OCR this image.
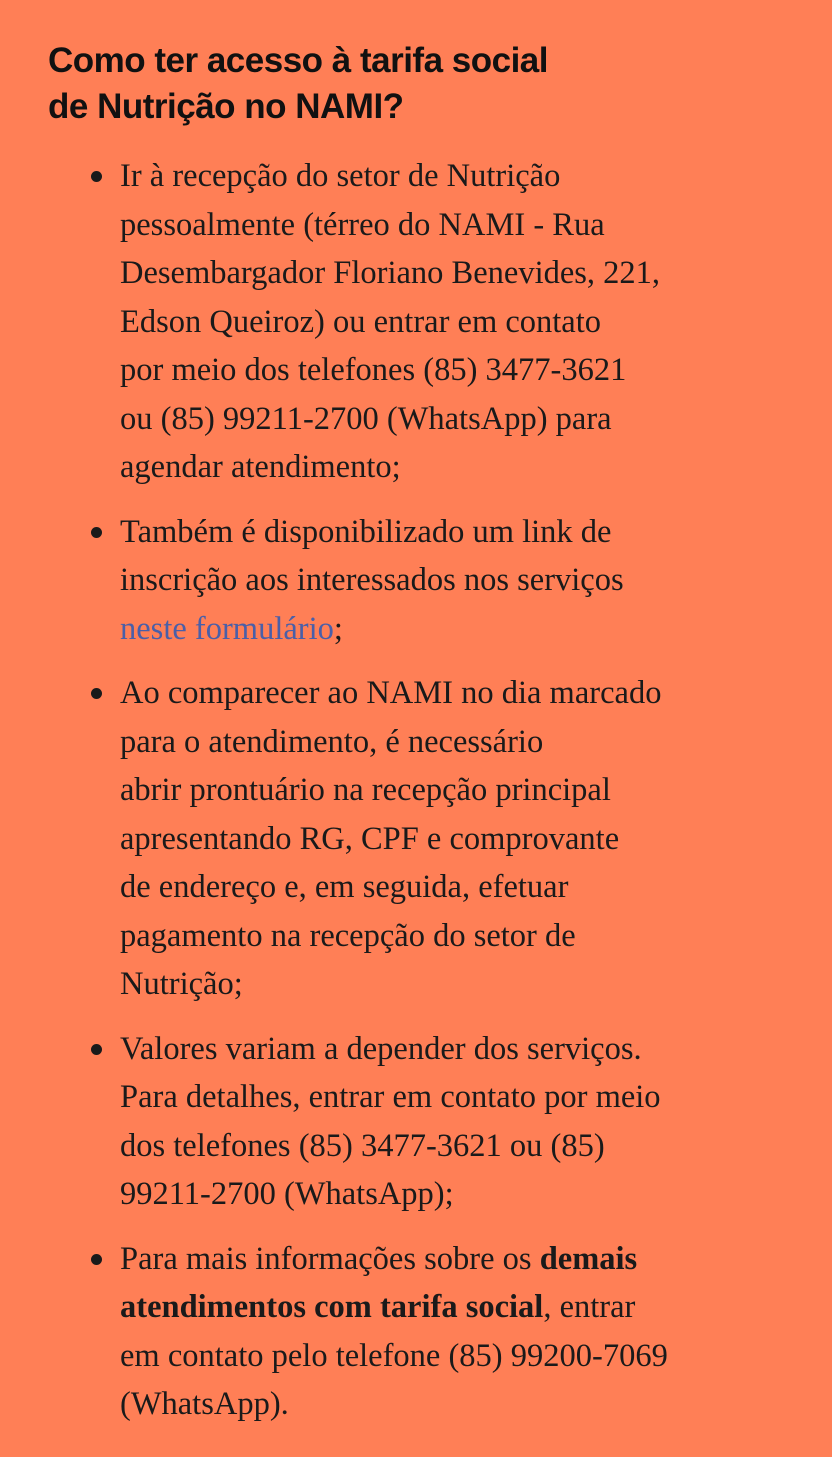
Como ter acesso à tarifa social
de Nutrição no NAMI?
Ir à recepção do setor de Nutrição
pessoalmente (térreo do NAMI - Rua
Desembargador Floriano Benevides, 221,
Edson Queiroz) ou entrar em contato
por meio dos telefones (85) 3477-3621
ou (85) 99211-2700 (WhatsApp) para
agendar atendimento;
Também é disponibilizado um link de
inscrição aos interessados nos serviços
neste formulário;
Ao comparecer ao NAMI no dia marcado
para o atendimento, é necessário
abrir prontuário na recepção principal
apresentando RG, CPF e comprovante
de endereço e, em seguida, efetuar
pagamento na recepção do setor de
Nutrição;
Valores variam a depender dos serviços.
Para detalhes, entrar em contato por meio
dos telefones (85) 3477-3621 ou (85)
99211-2700 (WhatsApp);
Para mais informações sobre os demais
atendimentos com tarifa social, entrar
em contato pelo telefone (85) 99200-7069
(WhatsApp).
